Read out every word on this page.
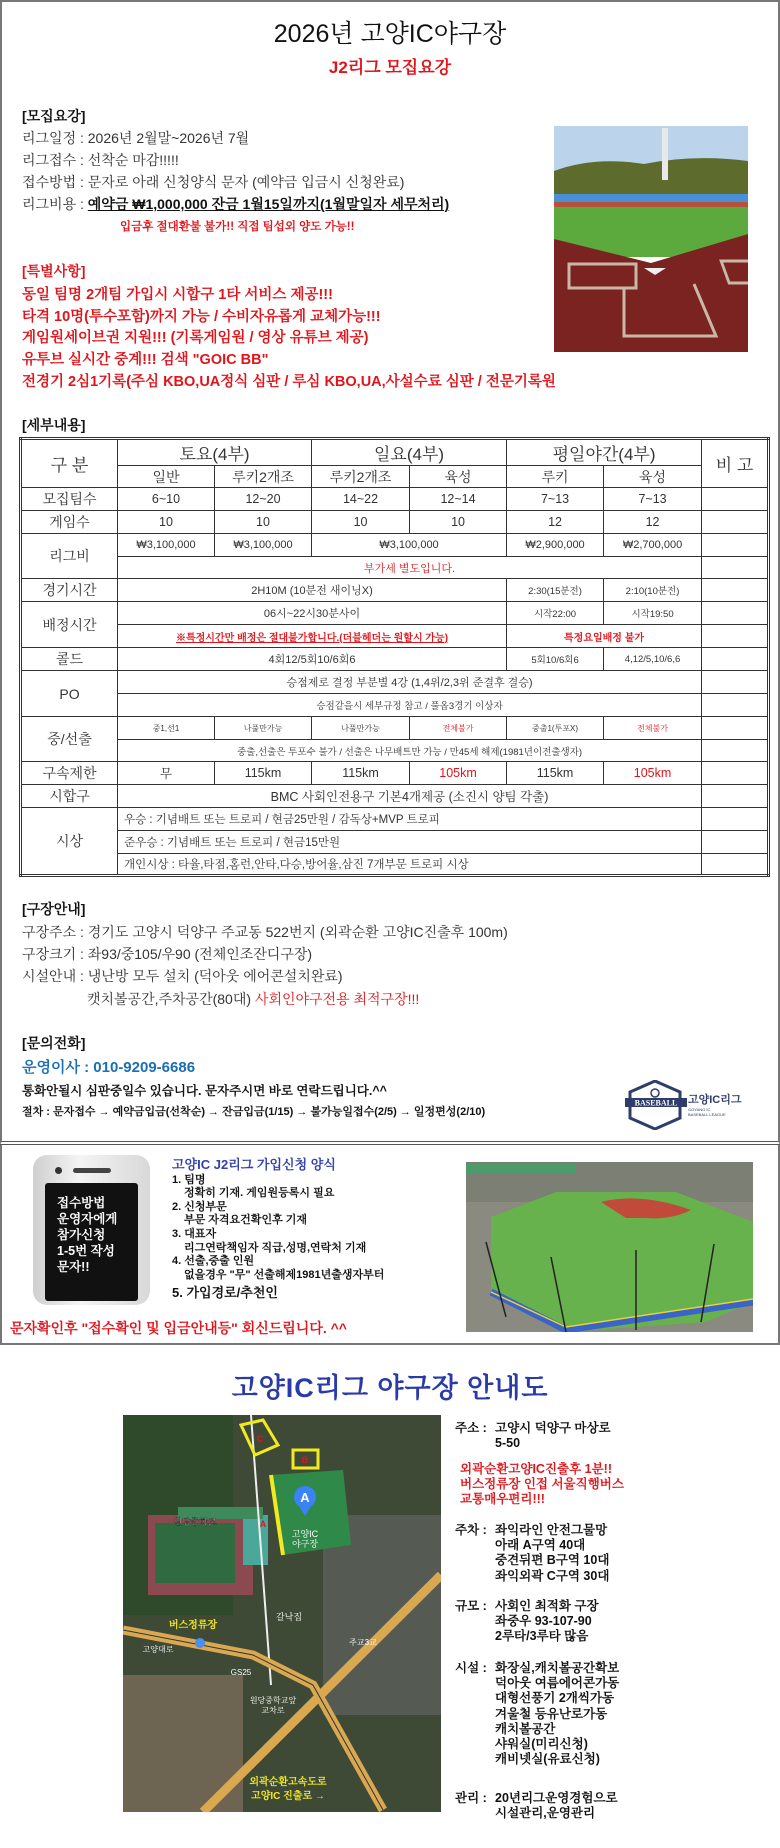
2026년 고양IC야구장
J2리그 모집요강
[모집요강]
리그일정 : 2026년 2월말~2026년 7월
리그접수 : 선착순 마감!!!!!
접수방법 : 문자로 아래 신청양식 문자 (예약금 입금시 신청완료)
리그비용 : 예약금 ₩1,000,000 잔금 1월15일까지(1월말일자 세무처리)
입금후 절대환불 불가!! 직접 팀섭외 양도 가능!!
[특별사항]
동일 팀명 2개팀 가입시 시합구 1타 서비스 제공!!!
타격 10명(투수포함)까지 가능 / 수비자유롭게 교체가능!!!
게임원세이브권 지원!!! (기록게임원 / 영상 유튜브 제공)
유투브 실시간 중계!!! 검색 "GOIC BB"
전경기 2심1기록(주심 KBO,UA정식 심판 / 루심 KBO,UA,사설수료 심판 / 전문기록원
[세부내용]
구 분	토요(4부)		일요(4부)		평일야간(4부)		비 고
	일반	루키2개조	루키2개조	육성	루키	육성	
모집팀수	6~10	12~20	14~22	12~14	7~13	7~13	
게임수	10	10	10	10	12	12	
리그비	₩3,100,000	₩3,100,000	₩3,100,000		₩2,900,000	₩2,700,000	
	부가세 별도입니다.						
경기시간	2H10M (10분전 새이닝X)				2:30(15분전)	2:10(10분전)	
배정시간	06시~22시30분사이				시작22:00	시작19:50	
	※특정시간만 배정은 절대불가합니다.(더블헤더는 원할시 가능)				특정요일배정 불가		
콜드	4회12/5회10/6회6				5회10/6회6	4,12/5,10/6,6	
PO	승점제로 결정 부분별 4강 (1,4위/2,3위 준결후 결승)						
	승점같을시 세부규정 참고 / 풀옵3경기 이상자						
중/선출	중1,선1	나풀만가능	나풀만가능	전체불가	중출1(투포X)	전체불가	
	중출,선출은 투포수 불가 / 선출은 나무배트만 가능 / 만45세 해제(1981년이전출생자)						
구속제한	무	115km	115km	105km	115km	105km	
시합구	BMC 사회인전용구 기본4개제공 (소진시 양팀 각출)						
시상	우승 : 기념배트 또는 트로피 / 현금25만원 / 감독상+MVP 트로피						
	준우승 : 기념배트 또는 트로피 / 현금15만원						
	개인시상 : 타율,타점,홈런,안타,다승,방어율,삼진 7개부문 트로피 시상						
[구장안내]
구장주소 : 경기도 고양시 덕양구 주교동 522번지 (외곽순환 고양IC진출후 100m)
구장크기 : 좌93/중105/우90 (전체인조잔디구장)
시설안내 : 냉난방 모두 설치 (덕아웃 에어콘설치완료)
캣치볼공간,주차공간(80대) 사회인야구전용 최적구장!!!
[문의전화]
운영이사 : 010-9209-6686
통화안될시 심판중일수 있습니다. 문자주시면 바로 연락드립니다.^^
절차 : 문자접수 → 예약금입금(선착순) → 잔금입금(1/15) → 불가능일접수(2/5) → 일정편성(2/10)
BASEBALL 고양IC리그
GOYANG IC
BASEBALL LEAGUE
접수방법
운영자에게
참가신청
1-5번 작성
문자!!
고양IC J2리그 가입신청 양식
1. 팀명
정확히 기재. 게임원등록시 필요
2. 신청부문
부문 자격요건확인후 기재
3. 대표자
리그연락책임자 직급,성명,연락처 기재
4. 선출,중출 인원
없을경우 "무" 선출해제1981년출생자부터
5. 가입경로/추천인
문자확인후 "접수확인 및 입금안내등" 회신드립니다. ^^
고양IC리그 야구장 안내도
A
C
B
A
고양IC 야구장
원당중학교
갈낙집
버스정류장
고양대로
GS25
원당중학교앞 교차로
주교3교
외곽순환고속도로
고양IC 진출로 →
주소 : 고양시 덕양구 마상로
5-50
외곽순환고양IC진출후 1분!!
버스정류장 인접 서울직행버스
교통매우편리!!!
주차 : 좌익라인 안전그물망
아래 A구역 40대
중견뒤편 B구역 10대
좌익외곽 C구역 30대
규모 : 사회인 최적화 구장
좌중우 93-107-90
2루타/3루타 많음
시설 : 화장실,캐치볼공간확보
덕아웃 여름에어콘가동
대형선풍기 2개씩가동
겨울철 등유난로가동
캐치볼공간
샤워실(미리신청)
캐비넷실(유료신청)
관리 : 20년리그운영경험으로
시설관리,운영관리
